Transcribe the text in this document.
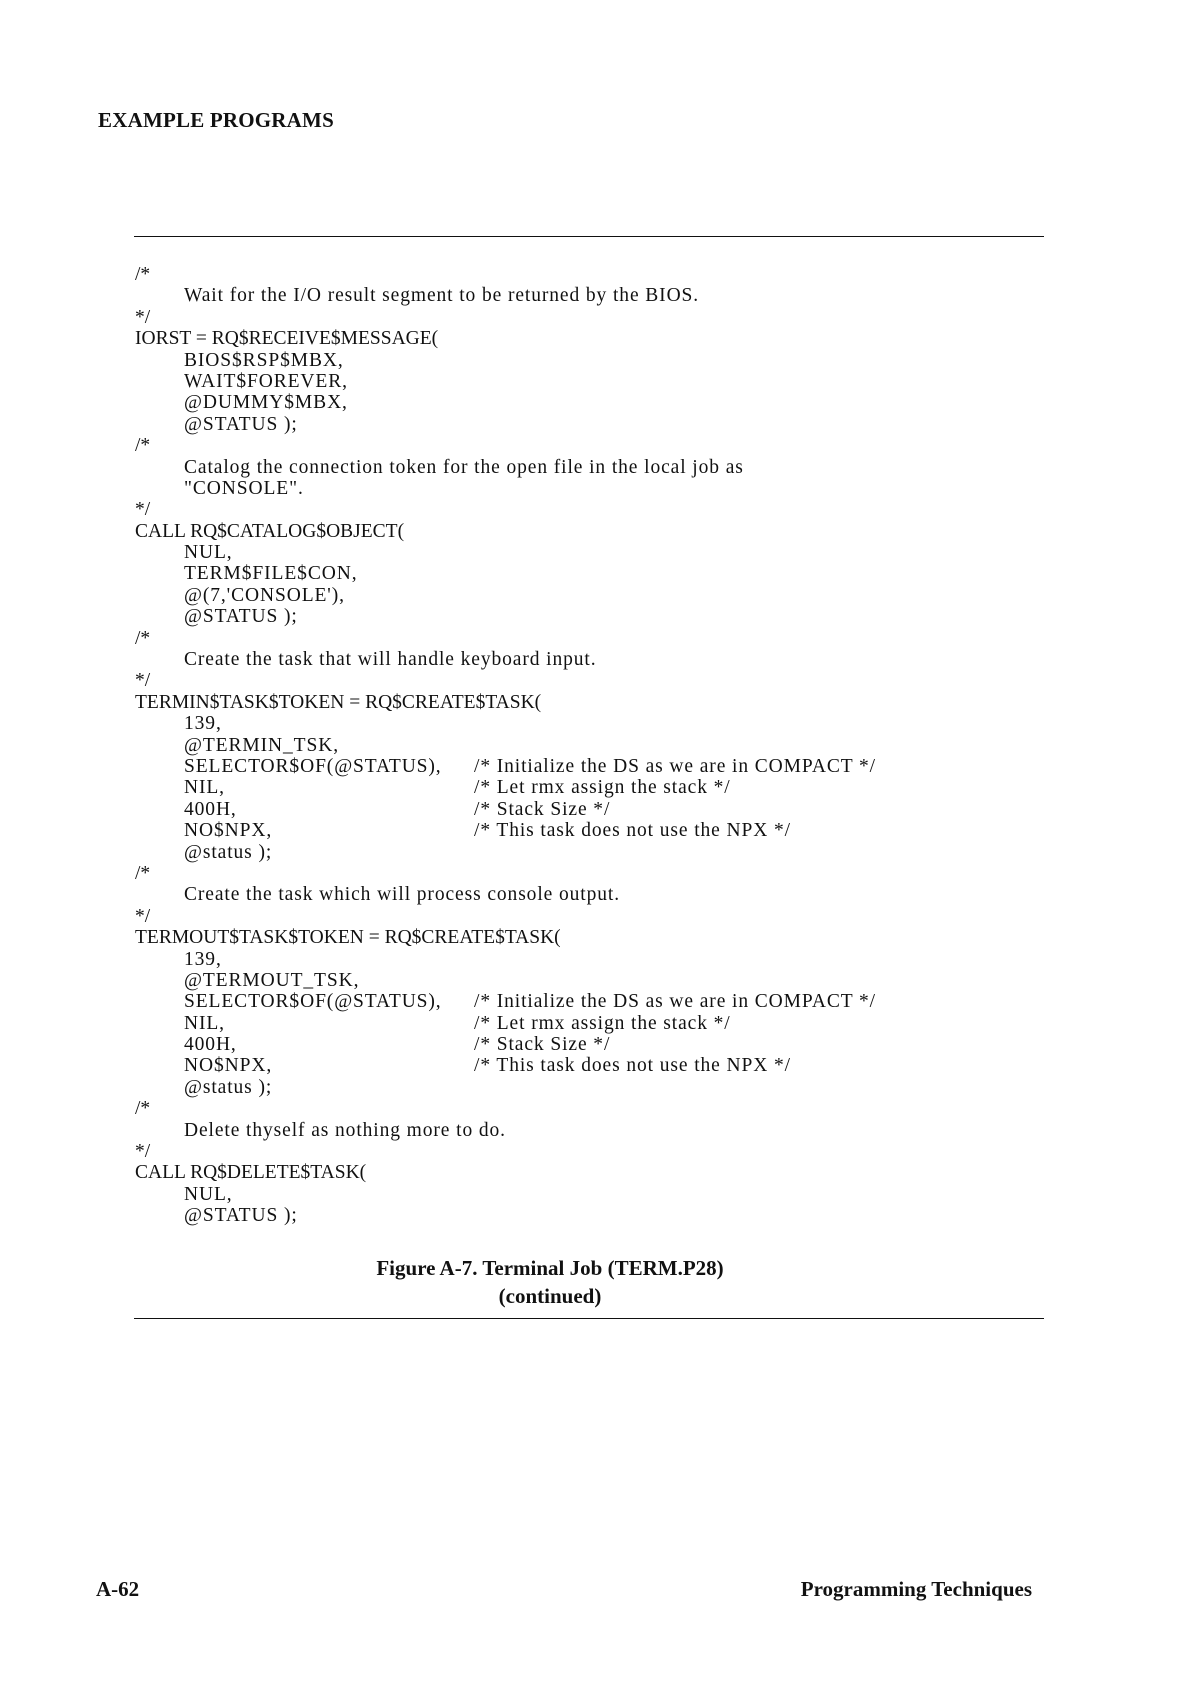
EXAMPLE PROGRAMS
/*
Wait for the I/O result segment to be returned by the BIOS.
*/
IORST = RQ$RECEIVE$MESSAGE(
BIOS$RSP$MBX,
WAIT$FOREVER,
@DUMMY$MBX,
@STATUS );
/*
Catalog the connection token for the open file in the local job as
"CONSOLE".
*/
CALL RQ$CATALOG$OBJECT(
NUL,
TERM$FILE$CON,
@(7,'CONSOLE'),
@STATUS );
/*
Create the task that will handle keyboard input.
*/
TERMIN$TASK$TOKEN = RQ$CREATE$TASK(
139,
@TERMIN_TSK,
SELECTOR$OF(@STATUS), /* Initialize the DS as we are in COMPACT */
NIL,	/* Let rmx assign the stack */
400H,	/* Stack Size */
NO$NPX,	/* This task does not use the NPX */
@status );
/*
Create the task which will process console output.
*/
TERMOUT$TASK$TOKEN = RQ$CREATE$TASK(
139,
@TERMOUT_TSK,
SELECTOR$OF(@STATUS), /* Initialize the DS as we are in COMPACT */
NIL,	/* Let rmx assign the stack */
400H,	/* Stack Size */
NO$NPX,	/* This task does not use the NPX */
@status );
/*
Delete thyself as nothing more to do.
*/
CALL RQ$DELETE$TASK(
NUL,
@STATUS );
Figure A-7. Terminal Job (TERM.P28)
(continued)
A-62	Programming Techniques
